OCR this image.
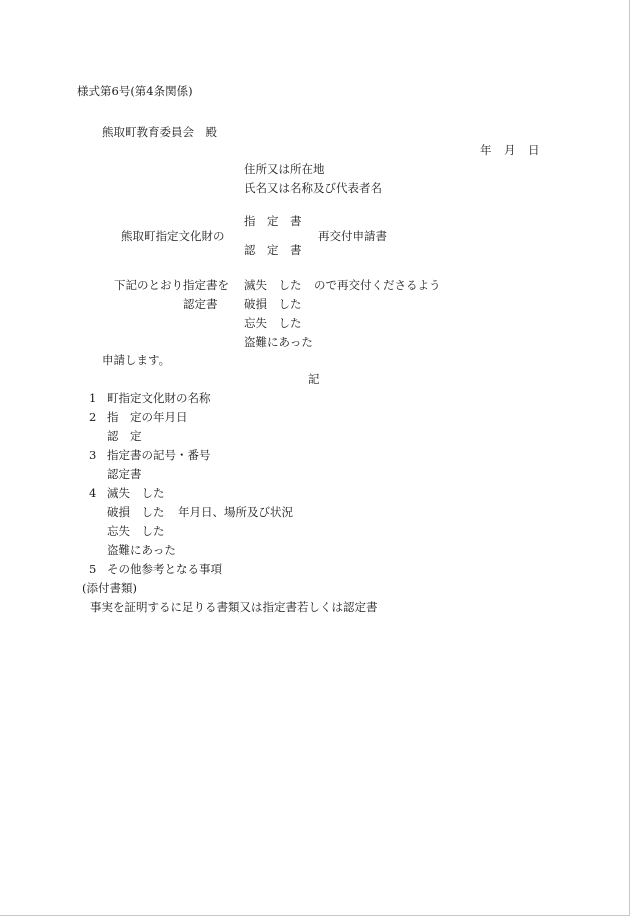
様式第6号(第4条関係)
熊取町教育委員会　殿
年 月 日
住所又は所在地
氏名又は名称及び代表者名
熊取町指定文化財の
指　定　書
認　定　書
再交付申請書
下記のとおり指定書を
認定書
滅失　した
破損　した
忘失　した
盗難にあった
ので再交付くださるよう
申請します。
記
1 町指定文化財の名称
2 指　定の年月日
認　定
3 指定書の記号・番号
認定書
4 滅失　した
破損　した 年月日、場所及び状況
忘失　した
盗難にあった
5 その他参考となる事項
(添付書類)
事実を証明するに足りる書類又は指定書若しくは認定書
